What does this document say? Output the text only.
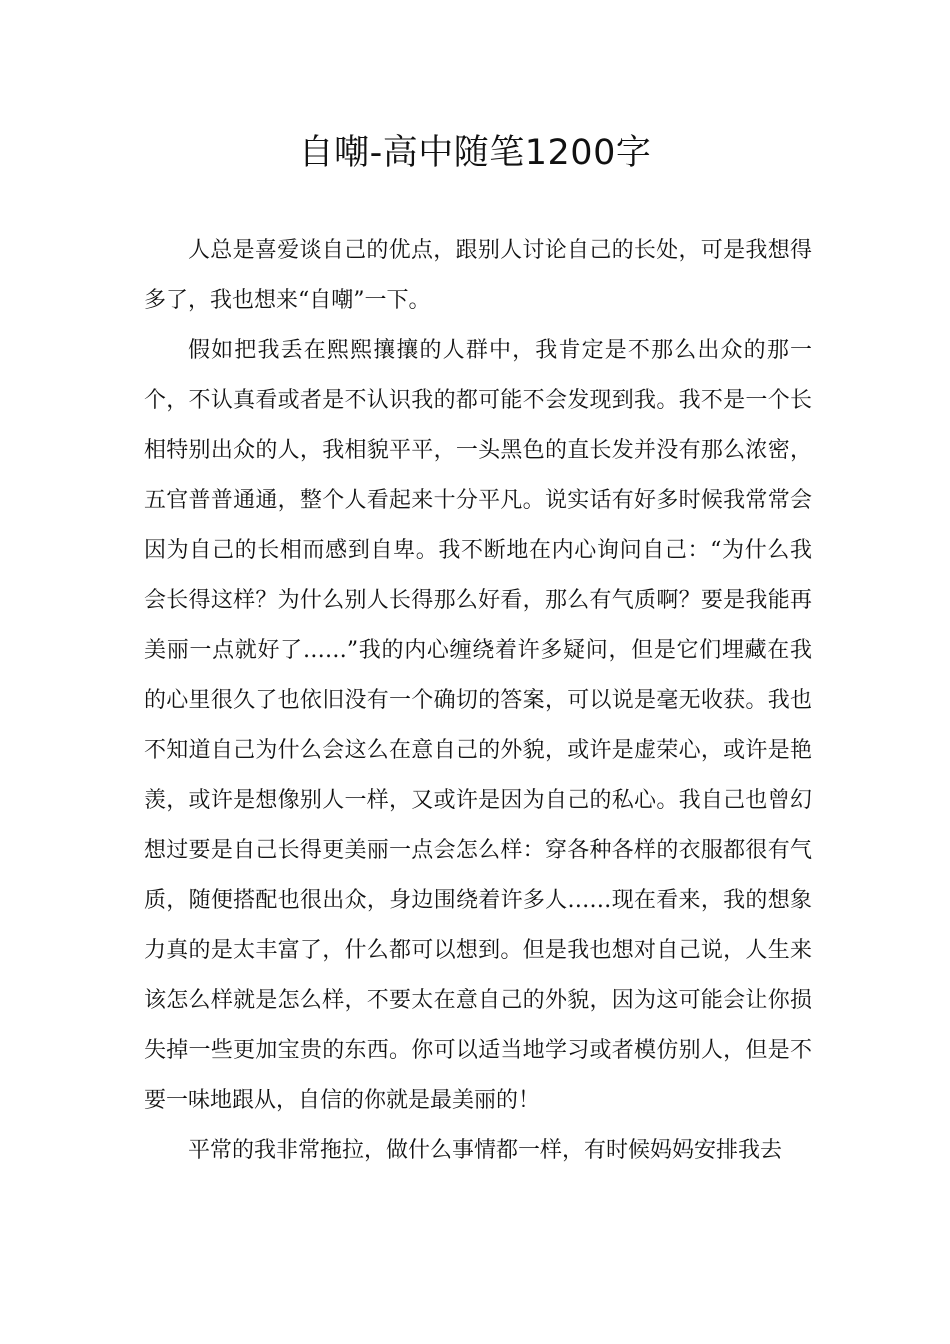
自嘲-高中随笔1200字

人总是喜爱谈自己的优点，跟别人讨论自己的长处，可是我想得多了，我也想来“自嘲”一下。

假如把我丢在熙熙攘攘的人群中，我肯定是不那么出众的那一个，不认真看或者是不认识我的都可能不会发现到我。我不是一个长相特别出众的人，我相貌平平，一头黑色的直长发并没有那么浓密，五官普普通通，整个人看起来十分平凡。说实话有好多时候我常常会因为自己的长相而感到自卑。我不断地在内心询问自己：“为什么我会长得这样？为什么别人长得那么好看，那么有气质啊？要是我能再美丽一点就好了……”我的内心缠绕着许多疑问，但是它们埋藏在我的心里很久了也依旧没有一个确切的答案，可以说是毫无收获。我也不知道自己为什么会这么在意自己的外貌，或许是虚荣心，或许是艳羡，或许是想像别人一样，又或许是因为自己的私心。我自己也曾幻想过要是自己长得更美丽一点会怎么样：穿各种各样的衣服都很有气质，随便搭配也很出众，身边围绕着许多人……现在看来，我的想象力真的是太丰富了，什么都可以想到。但是我也想对自己说，人生来该怎么样就是怎么样，不要太在意自己的外貌，因为这可能会让你损失掉一些更加宝贵的东西。你可以适当地学习或者模仿别人，但是不要一味地跟从，自信的你就是最美丽的！

平常的我非常拖拉，做什么事情都一样，有时候妈妈安排我去
